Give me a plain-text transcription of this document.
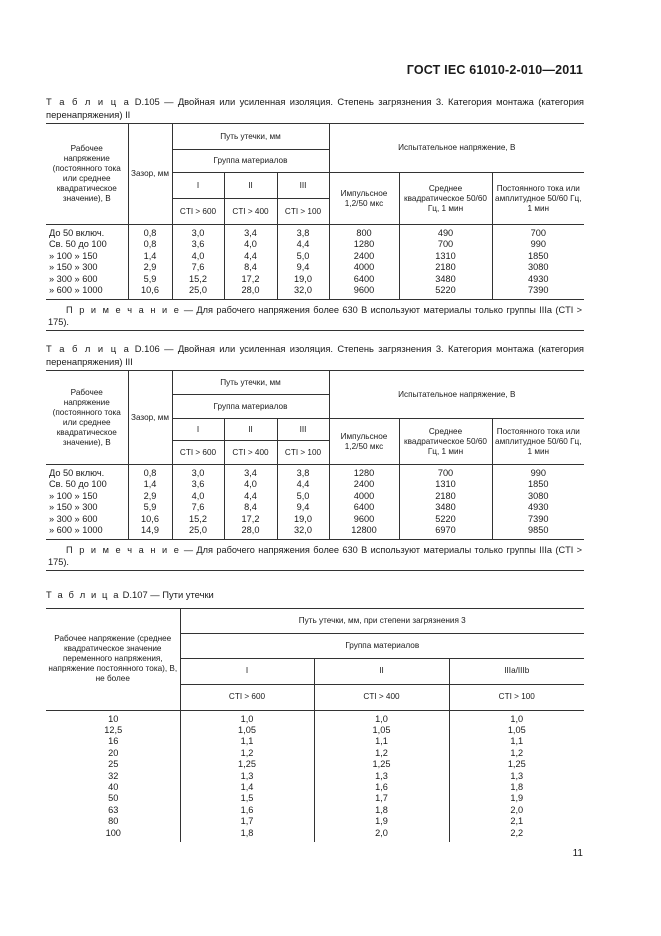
ГОСТ IEC 61010-2-010—2011

Т а б л и ц а D.105 — Двойная или усиленная изоляция. Степень загрязнения 3. Категория монтажа (категория перенапряжения) II

Рабочее напряжение (постоянного тока или среднее квадратическое значение), В	Зазор, мм	Путь утечки, мм			Испытательное напряжение, В		
		Группа материалов					
		I	II	III	Импульсное 1,2/50 мкс	Среднее квадратическое 50/60 Гц, 1 мин	Постоянного тока или амплитудное 50/60 Гц, 1 мин
		CTI > 600	CTI > 400	CTI > 100			
До 50 включ.	0,8	3,0	3,4	3,8	800	490	700
Св. 50 до 100	0,8	3,6	4,0	4,4	1280	700	990
» 100 » 150	1,4	4,0	4,4	5,0	2400	1310	1850
» 150 » 300	2,9	7,6	8,4	9,4	4000	2180	3080
» 300 » 600	5,9	15,2	17,2	19,0	6400	3480	4930
» 600 » 1000	10,6	25,0	28,0	32,0	9600	5220	7390
П р и м е ч а н и е — Для рабочего напряжения более 630 В используют материалы только группы IIIa (CTI > 175).							

Т а б л и ц а D.106 — Двойная или усиленная изоляция. Степень загрязнения 3. Категория монтажа (категория перенапряжения) III

Рабочее напряжение (постоянного тока или среднее квадратическое значение), В	Зазор, мм	Путь утечки, мм			Испытательное напряжение, В		
		Группа материалов					
		I	II	III	Импульсное 1,2/50 мкс	Среднее квадратическое 50/60 Гц, 1 мин	Постоянного тока или амплитудное 50/60 Гц, 1 мин
		CTI > 600	CTI > 400	CTI > 100			
До 50 включ.	0,8	3,0	3,4	3,8	1280	700	990
Св. 50 до 100	1,4	3,6	4,0	4,4	2400	1310	1850
» 100 » 150	2,9	4,0	4,4	5,0	4000	2180	3080
» 150 » 300	5,9	7,6	8,4	9,4	6400	3480	4930
» 300 » 600	10,6	15,2	17,2	19,0	9600	5220	7390
» 600 » 1000	14,9	25,0	28,0	32,0	12800	6970	9850
П р и м е ч а н и е — Для рабочего напряжения более 630 В используют материалы только группы IIIa (CTI > 175).							

Т а б л и ц а D.107 — Пути утечки

Рабочее напряжение (среднее квадратическое значение переменного напряжения, напряжение постоянного тока), В, не более	Путь утечки, мм, при степени загрязнения 3		
	Группа материалов		
	I	II	IIIa/IIIb
	CTI > 600	CTI > 400	CTI > 100
10	1,0	1,0	1,0
12,5	1,05	1,05	1,05
16	1,1	1,1	1,1
20	1,2	1,2	1,2
25	1,25	1,25	1,25
32	1,3	1,3	1,3
40	1,4	1,6	1,8
50	1,5	1,7	1,9
63	1,6	1,8	2,0
80	1,7	1,9	2,1
100	1,8	2,0	2,2
11
